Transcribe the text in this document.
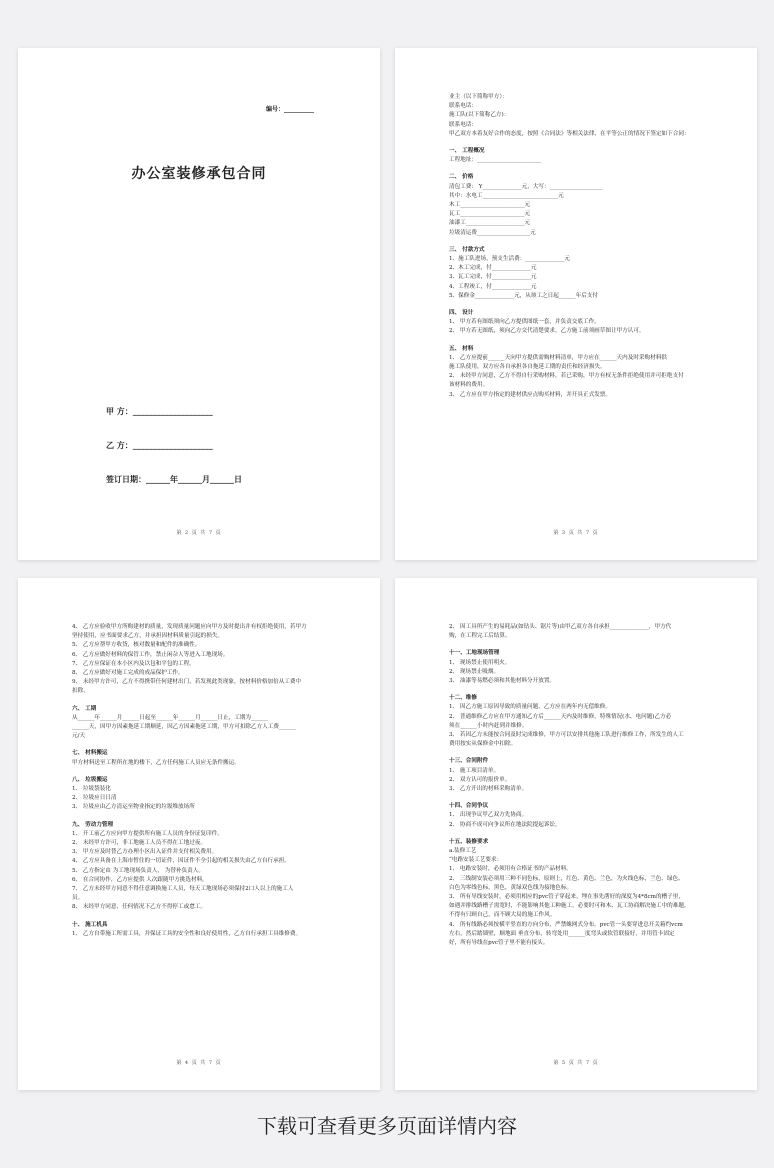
编号：__________
办公室装修承包合同
甲 方：____________________
乙 方：____________________
签订日期：______年______月______日
第 2 页 共 7 页
业主（以下简称甲方）：
联系电话：
施工队(以下简称乙方)：
联系电话：
甲乙双方本着友好合作的态度，按照《合同法》等相关法律，在平等公正的情况下签定如下合同：
一、 工程概况
工程地址：_______________________
二、 价格
清包工费： Y______________元，大写：___________________
其中：水电工___________________________元
木工_______________________元
瓦工_______________________元
油漆工_____________________元
垃圾清运费___________________元
三、 付款方式
1、施工队进场，预支生活费：______________元
2、木工完成，付______________元
3、瓦工完成，付______________元
4、工程竣工，付______________元
5、保修金______________元，从竣工之日起______年后支付
四、 设计
1、 甲方若有图纸须向乙方提供图纸一套，并负责交底工作。
2、 甲方若无图纸，须向乙方交代清楚要求，乙方施工前须画草图让甲方认可。
五、 材料
1、 乙方应提前______天向甲方提供需购材料清单，甲方应在______天内及时采购材料供
施工队使用，双方应各自承担各自拖延工期的责任和经济损失。
2、 未经甲方同意，乙方不得自行采购材料，若已采购，甲方有权无条件拒绝使用并可拒绝支付
该材料的费用。
3、 乙方应在甲方指定的建材供应点购买材料，并开具正式发票。
第 3 页 共 7 页
4、 乙方应验收甲方所购建材的质量，发现质量问题应向甲方及时提出并有权拒绝使用，若甲方
坚持使用，应书面要求乙方，并承担因材料质量引起的损失。
5、 乙方应帮甲方收货，核对数量和配件的准确性。
6、 乙方应做好材料的保管工作，禁止闲杂人等进入工地现场。
7、 乙方应保证在本小区内及以包和平包的工程。
8、 乙方应做好对施工完成的成品保护工作。
9、 未经甲方许可，乙方不得携带任何建材出门，若发现此类现象，按材料价格加倍从工费中
扣除。
六、 工期
从______年______月______日起至______年______月______日止，工期为______
______天，因甲方因素拖延工期顺延，因乙方因素拖延工期，甲方可扣除乙方人工费______
元/天
七、 材料搬运
甲方材料送至工程所在地的楼下，乙方任何施工人员应无条件搬运。
八、 垃圾搬运
1、 垃圾袋装化
2、 垃圾应日日清
3、 垃圾应由乙方清运至物业指定的垃圾堆放场所
九、 劳动力管理
1、 开工前乙方应向甲方提供所有施工人员的身份证复印件。
2、 未经甲方许可，非工地施工人员不得在工地过夜。
3、 甲方应及时替乙方办理小区出入证件并支付相关费用。
4、 乙方应具备在上海市暂住的一切证件，因证件不全引起的相关损失由乙方自行承担。
5、 乙方指定由 为工地现场负责人， 为替补负责人。
6、 在合同协作，乙方应提供 人次跟随甲方挑选材料。
7、 乙方未经甲方同意不得任意调换施工人员，每天工地现场必须保持2口人以上的施工人
员。
8、 未经甲方同意，任何情况下乙方不得停工或怠工。
十、 施工机具
1、 乙方自带施工所需工具，并保证工具的安全性和良好使用性，乙方自行承担工具维修费。
第 4 页 共 7 页
2、 因工具所产生的易耗品(如钻头、锯片等)由甲乙双方各自承担______________，甲方代
购，在工程完工后结算。
十一、工地现场管理
1、 现场禁止使用明火。
2、 现场禁止吸烟。
3、 油漆等易燃必须和其他材料分开放置。
十二、维修
1、 因乙方施工原因导致的质量问题，乙方应在两年内无偿维修。
2、 普通维修乙方应在甲方通知乙方后______天内及时维修，特殊情况(水、电问题)乙方必
须在______小时内赶到并维修。
3、 若因乙方未能按合同及时完成维修，甲方可以安排其他施工队进行维修工作，所发生的人工
费用按实从保修金中扣除。
十三、合同附件
1、 施工项目清单。
2、 双方认可的报价单。
3、 乙方开出的材料采购清单。
十四、合同争议
1、 出现争议甲乙双方先协商。
2、 协商不成可向争议所在地法院提起诉讼。
十五、装修要求
a.装修工艺
“电路安装工艺要求：
1、 电路安装时，必须用有合格证书的产品材料。
2、 三线制安装必须用三种不同色标，原则上，红色、黄色、兰色，为火线色标，兰色、绿色、
白色为零线色标，黑色，黄绿双色线为接地色标。
3、 所有导线安装时，必须用相应的pvc管子穿起来，埋在事先凿好的深度为4*8cm的槽子里，
如遇并排线路槽子需宽时，不能影响其他工种施工，必要时可和木、瓦工协商解决施工中的难题，
不得有只顾自己，而不顾大局的施工作风。
4、 所有线路必须按横平竖直的方向分布，严禁蛛网式分布。pvc管一头要穿进总开关箱约vcm
左右，然后踏墙壁，顺地面 垂直分布，转弯处用______度弯头或软管联接好，并用管卡固定
好，所有导线在pvc管子里不能有接头。
第 5 页 共 7 页
下载可查看更多页面详情内容
